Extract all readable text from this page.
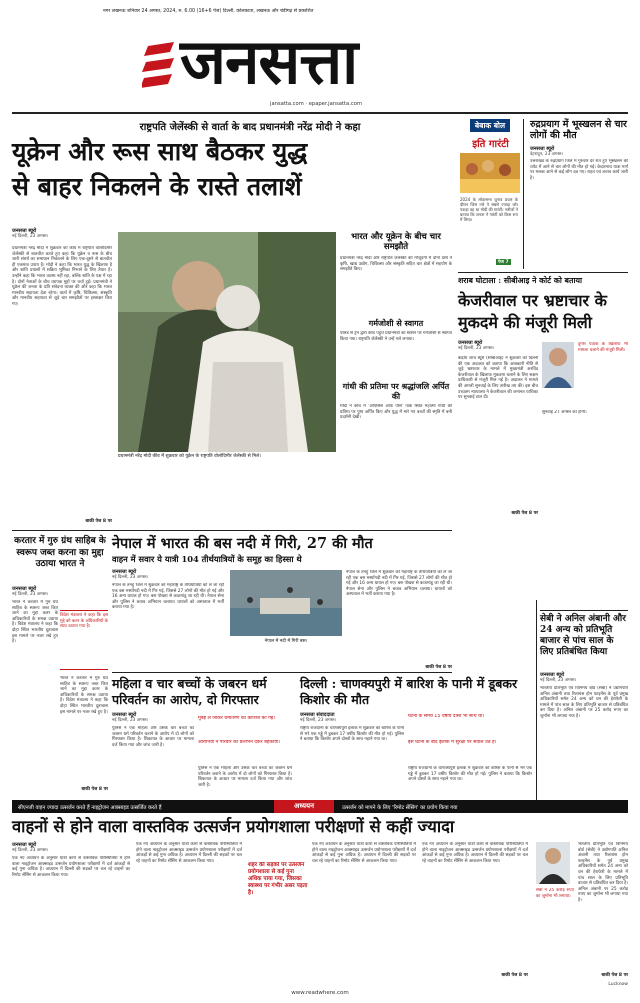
नगर लखनऊ शनिवार 24 अगस्त, 2024, रु. 6.00 (16+6 पेज) दिल्ली, कोलकाता, लखनऊ और चंडीगढ़ से प्रकाशित
जनसत्ता
jansatta.com · epaper.jansatta.com
राष्ट्रपति जेलेंस्की से वार्ता के बाद प्रधानमंत्री नरेंद्र मोदी ने कहा
यूक्रेन और रूस साथ बैठकर युद्ध
से बाहर निकलने के रास्ते तलाशें
जनसत्ता ब्यूरो
नई दिल्ली, 23 अगस्त।
प्रधानमंत्री नरेंद्र मोदी ने शुक्रवार को कीव में राष्ट्रपति वोलोदिमीर जेलेंस्की से बातचीत करते हुए कहा कि यूक्रेन व रूस के बीच जारी संघर्ष का समाधान निकालने के लिए एक-दूसरे से बातचीत ही एकमात्र उपाय है। मोदी ने कहा कि भारत युद्ध के खिलाफ है और शांति प्रयासों में सक्रिय भूमिका निभाने के लिए तैयार है। उन्होंने कहा कि भारत तटस्थ नहीं रहा, बल्कि शांति के पक्ष में रहा है। दोनों नेताओं के बीच व्यापक मुद्दों पर चर्चा हुई। प्रधानमंत्री ने यूक्रेन की जनता के प्रति संवेदना व्यक्त की और कहा कि भारत मानवीय सहायता देता रहेगा। वार्ता में कृषि, चिकित्सा, संस्कृति और मानवीय सहायता से जुड़े चार समझौतों पर हस्ताक्षर किए गए।
बाकी पेज 8 पर
प्रधानमंत्री नरेंद्र मोदी कीव में शुक्रवार को यूक्रेन के राष्ट्रपति वोलोदिमीर जेलेंस्की से मिले।
भारत और यूक्रेन के बीच चार समझौते
प्रधानमंत्री नरेंद्र मोदी और राष्ट्रपति जेलेंस्की की मौजूदगी में दोनों देशों ने कृषि, खाद्य उद्योग, चिकित्सा और संस्कृति सहित चार क्षेत्रों में सहयोग के समझौते किए।
गर्मजोशी से स्वागत
पोलैंड से ट्रेन द्वारा कीव पहुंचे प्रधानमंत्री का स्टेशन पर गर्मजोशी से स्वागत किया गया। राष्ट्रपति जेलेंस्की ने उन्हें गले लगाया।
गांधी की प्रतिमा पर श्रद्धांजलि अर्पित की
मोदी ने कीव में 'ओएसिस ऑफ पीस' पार्क स्थित महात्मा गांधी की प्रतिमा पर पुष्प अर्पित किए और युद्ध में मारे गए बच्चों की स्मृति में बनी प्रदर्शनी देखी।
बेबाक बोल
इति गारंटी
2024 के लोकसभा चुनाव प्रचार के दौरान जिस नारे ने सबसे ज्यादा जोर पकड़ा वह था मोदी की गारंटी। नतीजों ने बताया कि जनता ने गारंटी को किस रूप में लिया।
पेज 7
रुद्रप्रयाग में भूस्खलन से चार लोगों की मौत
जनसत्ता ब्यूरो
देहरादून, 23 अगस्त।
उत्तराखंड के रुद्रप्रयाग जिले में गुरुवार देर रात हुए भूस्खलन की चपेट में आने से चार लोगों की मौत हो गई। केदारनाथ यात्रा मार्ग पर मलबा आने से कई लोग दब गए। राहत एवं बचाव कार्य जारी है।
शराब घोटाला : सीबीआइ ने कोर्ट को बताया
केजरीवाल पर भ्रष्टाचार के मुकदमे की मंजूरी मिली
जनसत्ता ब्यूरो
नई दिल्ली, 23 अगस्त।
केंद्रीय जांच ब्यूरो (सीबीआइ) ने शुक्रवार को दिल्ली की एक अदालत को बताया कि आबकारी नीति से जुड़े भ्रष्टाचार के मामले में मुख्यमंत्री अरविंद केजरीवाल के खिलाफ मुकदमा चलाने के लिए सक्षम प्राधिकारी से मंजूरी मिल गई है। अदालत ने मामले की अगली सुनवाई के लिए तारीख तय की। इस बीच उच्चतम न्यायालय ने केजरीवाल की जमानत याचिका पर सुनवाई टाल दी।
बाकी पेज 8 पर
दुर्गेश पाठक के खिलाफ भी मामला चलाने की मंजूरी मिली।
सुनवाई 27 अगस्त को होगी।
सेबी ने अनिल अंबानी और 24 अन्य को प्रतिभूति बाजार से पांच साल के लिए प्रतिबंधित किया
जनसत्ता ब्यूरो
नई दिल्ली, 23 अगस्त।
भारतीय प्रतिभूति एवं विनिमय बोर्ड (सेबी) ने उद्योगपति अनिल अंबानी तथा रिलायंस होम फाइनेंस के पूर्व प्रमुख अधिकारियों समेत 24 अन्य को धन की हेराफेरी के मामले में पांच साल के लिए प्रतिभूति बाजार से प्रतिबंधित कर दिया है। अनिल अंबानी पर 25 करोड़ रुपए का जुर्माना भी लगाया गया है।
नेपाल में भारत की बस नदी में गिरी, 27 की मौत
वाहन में सवार ये यात्री 104 तीर्थयात्रियों के समूह का हिस्सा थे
जनसत्ता ब्यूरो
नई दिल्ली, 23 अगस्त।
नेपाल के तनहुं जिले में शुक्रवार को महाराष्ट्र के तीर्थयात्रियों को ले जा रही एक बस मर्स्यांगदी नदी में गिर गई, जिससे 27 लोगों की मौत हो गई और 16 अन्य घायल हो गए। बस पोखरा से काठमांडू जा रही थी। नेपाल सेना और पुलिस ने बचाव अभियान चलाया। घायलों को अस्पताल में भर्ती कराया गया है।
नेपाल में नदी में गिरी बस।
नेपाल के तनहुं जिले में शुक्रवार को महाराष्ट्र के तीर्थयात्रियों को ले जा रही एक बस मर्स्यांगदी नदी में गिर गई, जिससे 27 लोगों की मौत हो गई और 16 अन्य घायल हो गए। बस पोखरा से काठमांडू जा रही थी। नेपाल सेना और पुलिस ने बचाव अभियान चलाया। घायलों को अस्पताल में भर्ती कराया गया है।
बाकी पेज 8 पर
करतार में गुरु ग्रंथ साहिब के स्वरूप जब्त करना का मुद्दा उठाया भारत ने
जनसत्ता ब्यूरो
नई दिल्ली, 23 अगस्त।
भारत ने करतार में गुरु ग्रंथ साहिब के स्वरूप जब्त किए जाने का मुद्दा कतर के अधिकारियों के समक्ष उठाया है। विदेश मंत्रालय ने कहा कि दोहा स्थित भारतीय दूतावास इस मामले पर नजर रखे हुए है।
विदेश मंत्रालय ने कहा कि इस मुद्दे को कतर के अधिकारियों के साथ उठाया गया है।
भारत ने करतार में गुरु ग्रंथ साहिब के स्वरूप जब्त किए जाने का मुद्दा कतर के अधिकारियों के समक्ष उठाया है। विदेश मंत्रालय ने कहा कि दोहा स्थित भारतीय दूतावास इस मामले पर नजर रखे हुए है।
बाकी पेज 8 पर
महिला व चार बच्चों के जबरन धर्म परिवर्तन का आरोप, दो गिरफ्तार
जनसत्ता ब्यूरो
नई दिल्ली, 23 अगस्त।
पुलिस ने एक महिला और उसके चार बच्चों का जबरन धर्म परिवर्तन कराने के आरोप में दो लोगों को गिरफ्तार किया है। शिकायत के आधार पर मामला दर्ज किया गया और जांच जारी है।
मुंबई ले जाकर धर्मांतरण की कोशिश की गई।
आरोपियों ने परिवार को प्रलोभन देकर बहकाया।
पुलिस ने एक महिला और उसके चार बच्चों का जबरन धर्म परिवर्तन कराने के आरोप में दो लोगों को गिरफ्तार किया है। शिकायत के आधार पर मामला दर्ज किया गया और जांच जारी है।
दिल्ली : चाणक्यपुरी में बारिश के पानी में डूबकर किशोर की मौत
जनसत्ता संवाददाता
नई दिल्ली, 23 अगस्त।
राष्ट्रीय राजधानी के चाणक्यपुरी इलाके में शुक्रवार को बारिश के पानी से भरे एक गड्ढे में डूबकर 17 वर्षीय किशोर की मौत हो गई। पुलिस ने बताया कि किशोर अपने दोस्तों के साथ नहाने गया था।
घटना के समय 15 वर्षीय दोस्त भी साथ था।
इस घटना के बाद इलाके में सुरक्षा पर सवाल उठे हैं।
राष्ट्रीय राजधानी के चाणक्यपुरी इलाके में शुक्रवार को बारिश के पानी से भरे एक गड्ढे में डूबकर 17 वर्षीय किशोर की मौत हो गई। पुलिस ने बताया कि किशोर अपने दोस्तों के साथ नहाने गया था।
सीएनजी वाहन ज्यादा उत्सर्जन करते हैं नाइट्रोजन आक्साइड उत्सर्जित करते हैं	अध्ययन	उत्सर्जन को मापने के लिए 'रिमोट सेंसिंग' का प्रयोग किया गया
वाहनों से होने वाला वास्तविक उत्सर्जन प्रयोगशाला परीक्षणों से कहीं ज्यादा
जनसत्ता ब्यूरो
नई दिल्ली, 23 अगस्त।
एक नए अध्ययन के अनुसार यात्री कारों से वास्तविक परिस्थितियों में होने वाला नाइट्रोजन आक्साइड उत्सर्जन प्रयोगशाला परीक्षणों में दर्ज आंकड़ों से कई गुना अधिक है। अध्ययन में दिल्ली की सड़कों पर चल रहे वाहनों का रिमोट सेंसिंग से आकलन किया गया।
एक नए अध्ययन के अनुसार यात्री कारों से वास्तविक परिस्थितियों में होने वाला नाइट्रोजन आक्साइड उत्सर्जन प्रयोगशाला परीक्षणों में दर्ज आंकड़ों से कई गुना अधिक है। अध्ययन में दिल्ली की सड़कों पर चल रहे वाहनों का रिमोट सेंसिंग से आकलन किया गया।
शहर की सड़कों पर उत्सर्जन प्रयोगशाला से कई गुना अधिक पाया गया, जिसका स्वास्थ्य पर गंभीर असर पड़ता है।
एक नए अध्ययन के अनुसार यात्री कारों से वास्तविक परिस्थितियों में होने वाला नाइट्रोजन आक्साइड उत्सर्जन प्रयोगशाला परीक्षणों में दर्ज आंकड़ों से कई गुना अधिक है। अध्ययन में दिल्ली की सड़कों पर चल रहे वाहनों का रिमोट सेंसिंग से आकलन किया गया।
एक नए अध्ययन के अनुसार यात्री कारों से वास्तविक परिस्थितियों में होने वाला नाइट्रोजन आक्साइड उत्सर्जन प्रयोगशाला परीक्षणों में दर्ज आंकड़ों से कई गुना अधिक है। अध्ययन में दिल्ली की सड़कों पर चल रहे वाहनों का रिमोट सेंसिंग से आकलन किया गया।
सेबी ने 25 करोड़ रुपए का जुर्माना भी लगाया।
भारतीय प्रतिभूति एवं विनिमय बोर्ड (सेबी) ने उद्योगपति अनिल अंबानी तथा रिलायंस होम फाइनेंस के पूर्व प्रमुख अधिकारियों समेत 24 अन्य को धन की हेराफेरी के मामले में पांच साल के लिए प्रतिभूति बाजार से प्रतिबंधित कर दिया है। अनिल अंबानी पर 25 करोड़ रुपए का जुर्माना भी लगाया गया है।
बाकी पेज 8 पर
बाकी पेज 8 पर
Lucknow
www.readwhere.com
